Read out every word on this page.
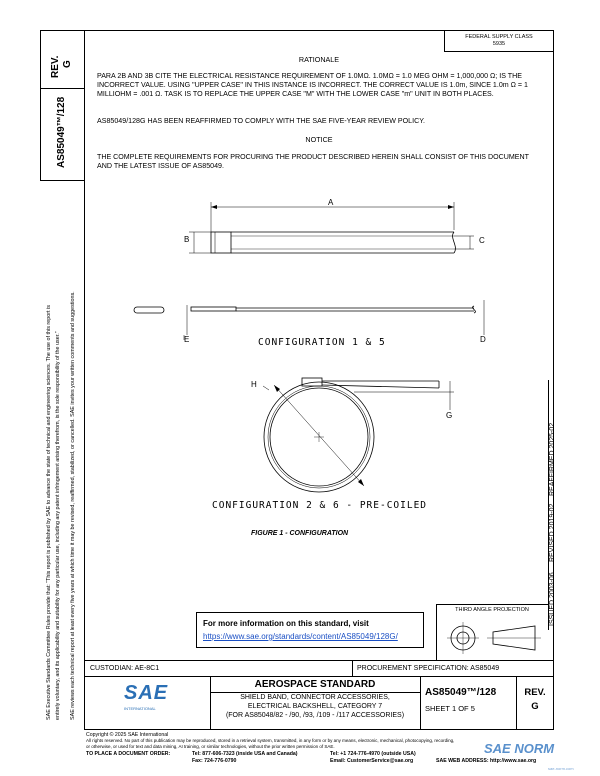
SAE Executive Standards Committee Rules provide that: “This report is published by SAE to advance the state of technical and engineering sciences. The use of this report is entirely voluntary, and its applicability and suitability for any particular use, including any patent infringement arising therefrom, is the sole responsibility of the user.” SAE reviews each technical report at least every five years at which time it may be revised, reaffirmed, stabilized, or cancelled. SAE invites your written comments and suggestions.
REV. G
AS85049™/128
FEDERAL SUPPLY CLASS
5935
RATIONALE
PARA 2B AND 3B CITE THE ELECTRICAL RESISTANCE REQUIREMENT OF 1.0MΩ. 1.0MΩ = 1.0 MEG OHM = 1,000,000 Ω; IS THE INCORRECT VALUE. USING "UPPER CASE" IN THIS INSTANCE IS INCORRECT. THE CORRECT VALUE IS 1.0m, SINCE 1.0m Ω = 1 MILLIOHM = .001 Ω. TASK IS TO REPLACE THE UPPER CASE "M" WITH THE LOWER CASE "m" UNIT IN BOTH PLACES.
AS85049/128G HAS BEEN REAFFIRMED TO COMPLY WITH THE SAE FIVE-YEAR REVIEW POLICY.
NOTICE
THE COMPLETE REQUIREMENTS FOR PROCURING THE PRODUCT DESCRIBED HEREIN SHALL CONSIST OF THIS DOCUMENT AND THE LATEST ISSUE OF AS85049.
A
B	C
D
E
G
H
CONFIGURATION 1 & 5
CONFIGURATION 2 & 6 - PRE-COILED
FIGURE 1 - CONFIGURATION
ISSUED 2003-06
REVISED 2019-02
REAFFIRMED 2025-02
For more information on this standard, visit
https://www.sae.org/standards/content/AS85049/128G/
THIRD ANGLE PROJECTION
CUSTODIAN: AE-8C1	PROCUREMENT SPECIFICATION: AS85049
SAE
INTERNATIONAL
AEROSPACE STANDARD
SHIELD BAND, CONNECTOR ACCESSORIES,
ELECTRICAL BACKSHELL, CATEGORY 7
(FOR AS85048/82 - /90, /93, /109 - /117 ACCESSORIES)
AS85049™/128
SHEET 1 OF 5
REV.
G
Copyright © 2025 SAE International
All rights reserved. No part of this publication may be reproduced, stored in a retrieval system, transmitted, in any form or by any means, electronic, mechanical, photocopying, recording,
or otherwise, or used for text and data mining, AI training, or similar technologies, without the prior written permission of SAE.
TO PLACE A DOCUMENT ORDER:	Tel: 877-606-7323 (inside USA and Canada)	Tel: +1 724-776-4970 (outside USA)
Fax: 724-776-0790	Email: CustomerService@sae.org	SAE WEB ADDRESS: http://www.sae.org
SAE NORM
sae-norm.com
